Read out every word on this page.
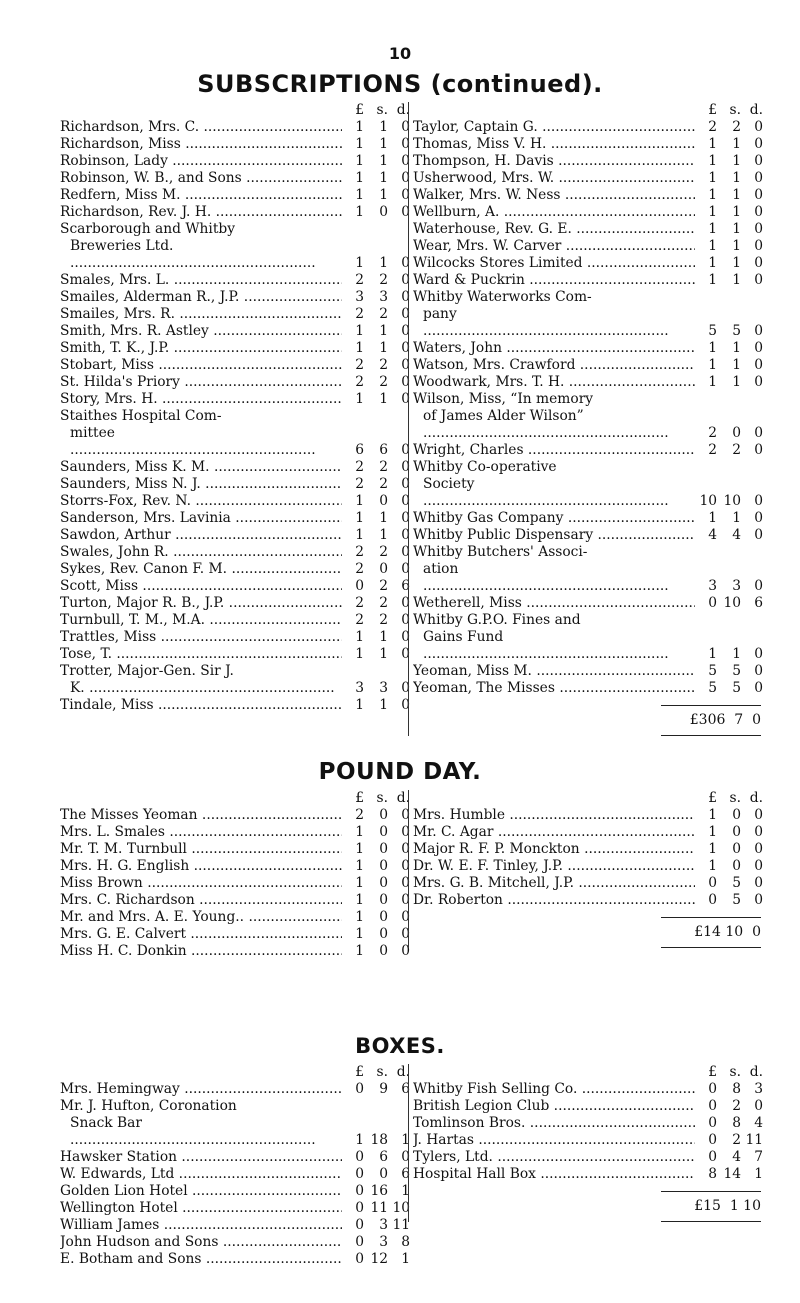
10
SUBSCRIPTIONS (continued).
POUND DAY.
BOXES.
£ s. d.
Richardson, Mrs. C. .....	1	1 0
Richardson, Miss .....	1	1 0
Robinson, Lady .....	1	1 0
Robinson, W. B., and Sons .....	1	1 0
Redfern, Miss M. .....	1	1 0
Richardson, Rev. J. H. .....	1	0 0
Scarborough and Whitby
Breweries Ltd. .....
1	1 0
Smales, Mrs. L. .....	2	2 0
Smailes, Alderman R., J.P. .....	3	3 0
Smailes, Mrs. R. .....	2	2 0
Smith, Mrs. R. Astley .....	1	1 0
Smith, T. K., J.P. .....	1	1 0
Stobart, Miss .....	2	2 0
St. Hilda's Priory .....	2	2 0
Story, Mrs. H. .....	1	1 0
Staithes Hospital Com-
mittee .....
6	6 0
Saunders, Miss K. M. .....	2	2 0
Saunders, Miss N. J. .....	2	2 0
Storrs-Fox, Rev. N. .....	1	0 0
Sanderson, Mrs. Lavinia .....	1	1 0
Sawdon, Arthur .....	1	1 0
Swales, John R. .....	2	2 0
Sykes, Rev. Canon F. M. .....	2	0 0
Scott, Miss .....	0	2 6
Turton, Major R. B., J.P. .....	2	2 0
Turnbull, T. M., M.A. .....	2	2 0
Trattles, Miss .....	1	1 0
Tose, T. .....	1	1 0
Trotter, Major-Gen. Sir J.
K. .....	3	3 0
Tindale, Miss .....	1	1 0
£ s. d.
Taylor, Captain G. .....	2	2 0
Thomas, Miss V. H. .....	1	1 0
Thompson, H. Davis .....	1	1 0
Usherwood, Mrs. W. .....	1	1 0
Walker, Mrs. W. Ness .....	1	1 0
Wellburn, A. .....	1	1 0
Waterhouse, Rev. G. E. .....	1	1 0
Wear, Mrs. W. Carver .....	1	1 0
Wilcocks Stores Limited .....	1	1 0
Ward & Puckrin .....	1	1 0
Whitby Waterworks Com-
pany .....
5	5 0
Waters, John .....	1	1 0
Watson, Mrs. Crawford .....	1	1 0
Woodwark, Mrs. T. H. .....	1	1 0
Wilson, Miss, “In memory
of James Alder Wilson” .....
2	0 0
Wright, Charles .....	2	2 0
Whitby Co-operative
Society .....
10 10 0
Whitby Gas Company .....	1	1 0
Whitby Public Dispensary .....	4	4 0
Whitby Butchers' Associ-
ation .....
3	3 0
Wetherell, Miss .....	0 10 6
Whitby G.P.O. Fines and
Gains Fund .....
1	1 0
Yeoman, Miss M. .....	5	5 0
Yeoman, The Misses .....	5	5 0
£306  7  0
£ s. d.
The Misses Yeoman .....	2	0 0
Mrs. L. Smales .....	1	0 0
Mr. T. M. Turnbull .....	1	0 0
Mrs. H. G. English .....	1	0 0
Miss Brown .....	1	0 0
Mrs. C. Richardson .....	1	0 0
Mr. and Mrs. A. E. Young.. .....	1	0 0
Mrs. G. E. Calvert .....	1	0 0
Miss H. C. Donkin .....	1	0 0
£ s. d.
Mrs. Humble .....	1	0 0
Mr. C. Agar .....	1	0 0
Major R. F. P. Monckton .....	1	0 0
Dr. W. E. F. Tinley, J.P. .....	1	0 0
Mrs. G. B. Mitchell, J.P. .....	0	5 0
Dr. Roberton .....	0	5 0
£14 10  0
£ s. d.
Mrs. Hemingway .....	0	9 6
Mr. J. Hufton, Coronation
Snack Bar .....
1 18 1
Hawsker Station .....	0	6 0
W. Edwards, Ltd .....	0	0 6
Golden Lion Hotel .....	0 16 1
Wellington Hotel .....	0 11 10
William James .....	0	3 11
John Hudson and Sons .....	0	3 8
E. Botham and Sons .....	0 12 1
£ s. d.
Whitby Fish Selling Co. .....	0	8 3
British Legion Club .....	0	2 0
Tomlinson Bros. .....	0	8 4
J. Hartas .....	0	2 11
Tylers, Ltd. .....	0	4 7
Hospital Hall Box .....	8 14 1
£15  1 10
